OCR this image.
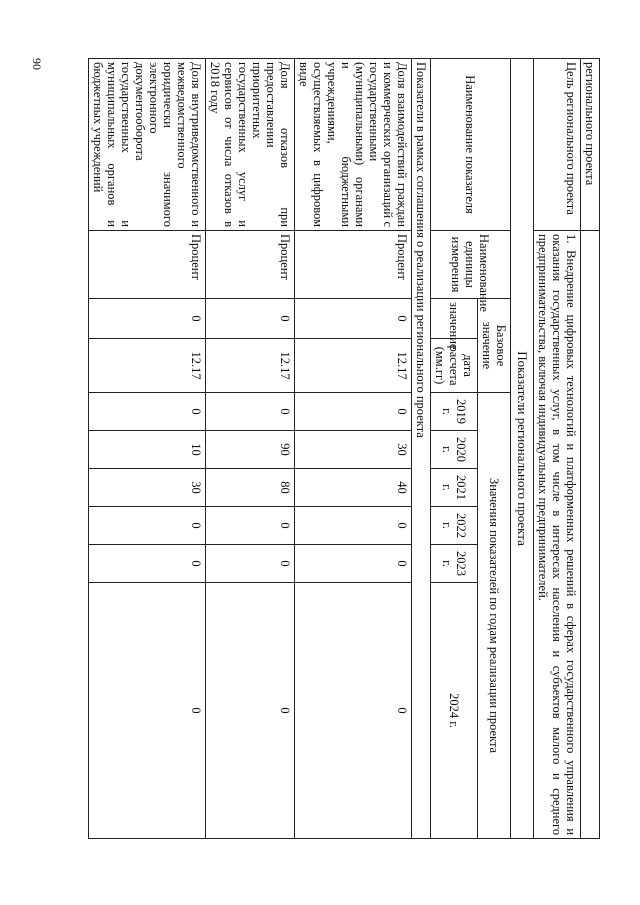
90	регионального проекта									
Цель регионального проекта	1. Внедрение цифровых технологий и платформенных решений в сферах государственного управления и оказания государственных услуг, в том числе в интересах населения и субъектов малого и среднего предпринимательства, включая индивидуальных предпринимателей.								
Показатели регионального проекта									
Наименование показателя	Наименование единицы измерения	Базовое значение		Значения показателей по годам реализации проекта					
		значение	дата расчета (мм.гг)	2019 г.	2020 г.	2021 г.	2022 г.	2023 г.	2024 г.
Показатели в рамках соглашения о реализации регионального проекта									
Доля взаимодействий граждан и коммерческих организаций с государственными (муниципальными) органами и бюджетными учреждениями, осуществляемых в цифровом виде	Процент	0	12.17	0	30	40	0	0	0
Доля отказов при предоставлении приоритетных государственных услуг и сервисов от числа отказов в 2018 году	Процент	0	12.17	0	90	80	0	0	0
Доля внутриведомственного и межведомственного юридически значимого электронного документооборота государственных и муниципальных органов и бюджетных учреждений	Процент	0	12.17	0	10	30	0	0	0
